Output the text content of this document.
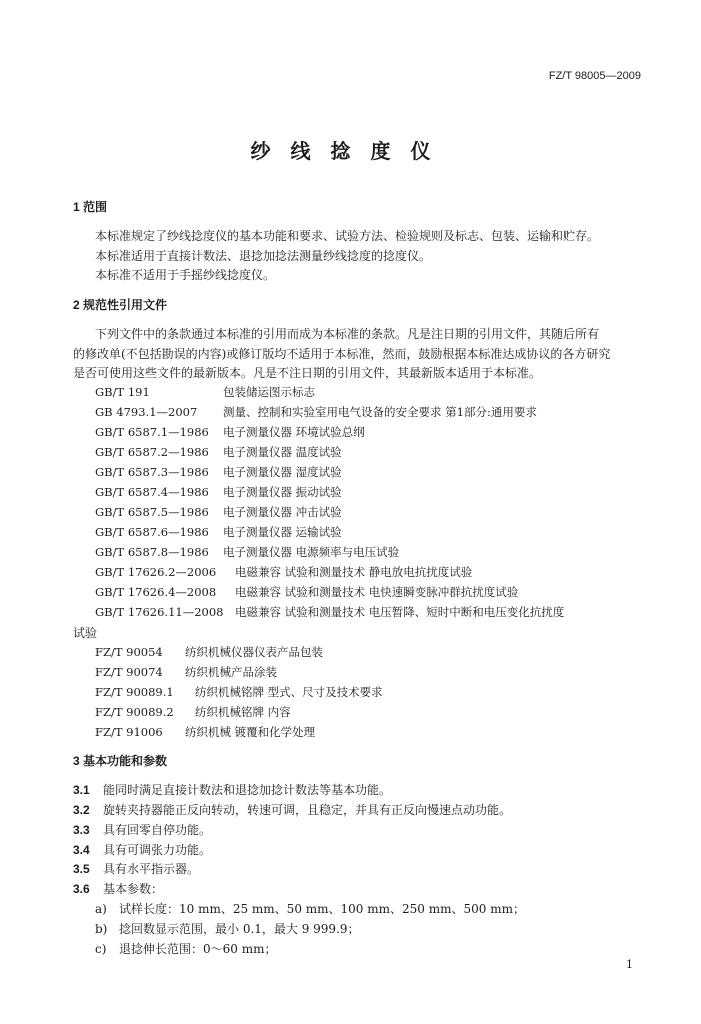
FZ/T 98005—2009
纱线捻度仪
1 范围
本标准规定了纱线捻度仪的基本功能和要求、试验方法、检验规则及标志、包装、运输和贮存。
本标准适用于直接计数法、退捻加捻法测量纱线捻度的捻度仪。
本标准不适用于手摇纱线捻度仪。
2 规范性引用文件
下列文件中的条款通过本标准的引用而成为本标准的条款。凡是注日期的引用文件，其随后所有
的修改单(不包括勘误的内容)或修订版均不适用于本标准，然而，鼓励根据本标准达成协议的各方研究
是否可使用这些文件的最新版本。凡是不注日期的引用文件，其最新版本适用于本标准。
GB/T 191	包装储运图示标志
GB 4793.1—2007 测量、控制和实验室用电气设备的安全要求 第1部分:通用要求
GB/T 6587.1—1986 电子测量仪器 环境试验总纲
GB/T 6587.2—1986 电子测量仪器 温度试验
GB/T 6587.3—1986 电子测量仪器 湿度试验
GB/T 6587.4—1986 电子测量仪器 振动试验
GB/T 6587.5—1986 电子测量仪器 冲击试验
GB/T 6587.6—1986 电子测量仪器 运输试验
GB/T 6587.8—1986 电子测量仪器 电源频率与电压试验
GB/T 17626.2—2006 电磁兼容 试验和测量技术 静电放电抗扰度试验
GB/T 17626.4—2008 电磁兼容 试验和测量技术 电快速瞬变脉冲群抗扰度试验
GB/T 17626.11—2008 电磁兼容 试验和测量技术 电压暂降、短时中断和电压变化抗扰度
试验
FZ/T 90054 纺织机械仪器仪表产品包装
FZ/T 90074 纺织机械产品涂装
FZ/T 90089.1 纺织机械铭牌 型式、尺寸及技术要求
FZ/T 90089.2 纺织机械铭牌 内容
FZ/T 91006 纺织机械 镀覆和化学处理
3 基本功能和参数
3.1 能同时满足直接计数法和退捻加捻计数法等基本功能。
3.2 旋转夹持器能正反向转动，转速可调，且稳定，并具有正反向慢速点动功能。
3.3 具有回零自停功能。
3.4 具有可调张力功能。
3.5 具有水平指示器。
3.6 基本参数：
a) 试样长度：10 mm、25 mm、50 mm、100 mm、250 mm、500 mm；
b) 捻回数显示范围，最小 0.1，最大 9 999.9；
c) 退捻伸长范围：0～60 mm；
1
